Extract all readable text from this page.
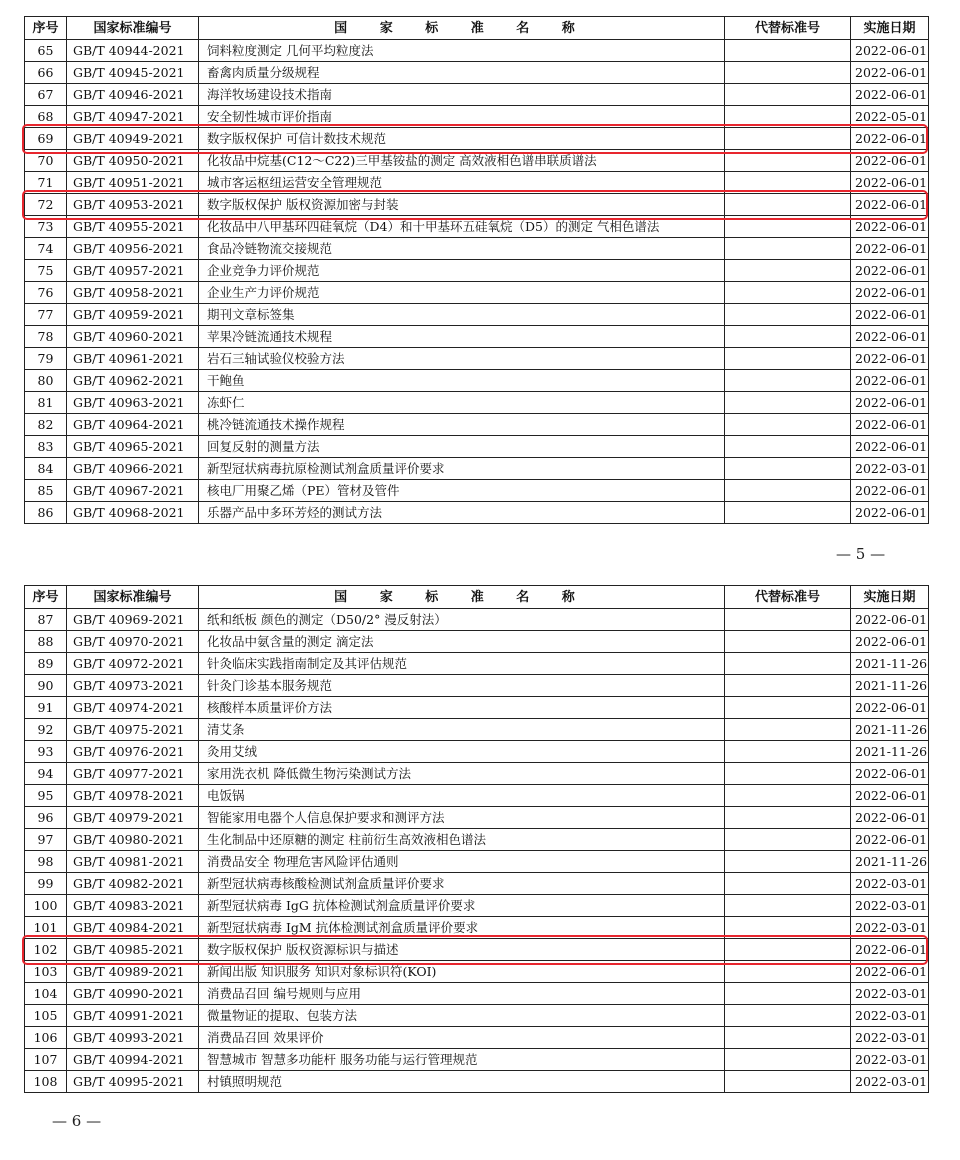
序号	国家标准编号	国 家 标 准 名 称	代替标准号	实施日期
65	GB/T 40944-2021	饲料粒度测定 几何平均粒度法		2022-06-01
66	GB/T 40945-2021	畜禽肉质量分级规程		2022-06-01
67	GB/T 40946-2021	海洋牧场建设技术指南		2022-06-01
68	GB/T 40947-2021	安全韧性城市评价指南		2022-05-01
69	GB/T 40949-2021	数字版权保护 可信计数技术规范		2022-06-01
70	GB/T 40950-2021	化妆品中烷基(C12～C22)三甲基铵盐的测定 高效液相色谱串联质谱法		2022-06-01
71	GB/T 40951-2021	城市客运枢纽运营安全管理规范		2022-06-01
72	GB/T 40953-2021	数字版权保护 版权资源加密与封装		2022-06-01
73	GB/T 40955-2021	化妆品中八甲基环四硅氧烷（D4）和十甲基环五硅氧烷（D5）的测定 气相色谱法		2022-06-01
74	GB/T 40956-2021	食品冷链物流交接规范		2022-06-01
75	GB/T 40957-2021	企业竞争力评价规范		2022-06-01
76	GB/T 40958-2021	企业生产力评价规范		2022-06-01
77	GB/T 40959-2021	期刊文章标签集		2022-06-01
78	GB/T 40960-2021	苹果冷链流通技术规程		2022-06-01
79	GB/T 40961-2021	岩石三轴试验仪校验方法		2022-06-01
80	GB/T 40962-2021	干鲍鱼		2022-06-01
81	GB/T 40963-2021	冻虾仁		2022-06-01
82	GB/T 40964-2021	桃冷链流通技术操作规程		2022-06-01
83	GB/T 40965-2021	回复反射的测量方法		2022-06-01
84	GB/T 40966-2021	新型冠状病毒抗原检测试剂盒质量评价要求		2022-03-01
85	GB/T 40967-2021	核电厂用聚乙烯（PE）管材及管件		2022-06-01
86	GB/T 40968-2021	乐器产品中多环芳烃的测试方法		2022-06-01
— 5 —
序号	国家标准编号	国 家 标 准 名 称	代替标准号	实施日期
87	GB/T 40969-2021	纸和纸板 颜色的测定（D50/2° 漫反射法）		2022-06-01
88	GB/T 40970-2021	化妆品中氨含量的测定 滴定法		2022-06-01
89	GB/T 40972-2021	针灸临床实践指南制定及其评估规范		2021-11-26
90	GB/T 40973-2021	针灸门诊基本服务规范		2021-11-26
91	GB/T 40974-2021	核酸样本质量评价方法		2022-06-01
92	GB/T 40975-2021	清艾条		2021-11-26
93	GB/T 40976-2021	灸用艾绒		2021-11-26
94	GB/T 40977-2021	家用洗衣机 降低微生物污染测试方法		2022-06-01
95	GB/T 40978-2021	电饭锅		2022-06-01
96	GB/T 40979-2021	智能家用电器个人信息保护要求和测评方法		2022-06-01
97	GB/T 40980-2021	生化制品中还原糖的测定 柱前衍生高效液相色谱法		2022-06-01
98	GB/T 40981-2021	消费品安全 物理危害风险评估通则		2021-11-26
99	GB/T 40982-2021	新型冠状病毒核酸检测试剂盒质量评价要求		2022-03-01
100	GB/T 40983-2021	新型冠状病毒 IgG 抗体检测试剂盒质量评价要求		2022-03-01
101	GB/T 40984-2021	新型冠状病毒 IgM 抗体检测试剂盒质量评价要求		2022-03-01
102	GB/T 40985-2021	数字版权保护 版权资源标识与描述		2022-06-01
103	GB/T 40989-2021	新闻出版 知识服务 知识对象标识符(KOI)		2022-06-01
104	GB/T 40990-2021	消费品召回 编号规则与应用		2022-03-01
105	GB/T 40991-2021	微量物证的提取、包装方法		2022-03-01
106	GB/T 40993-2021	消费品召回 效果评价		2022-03-01
107	GB/T 40994-2021	智慧城市 智慧多功能杆 服务功能与运行管理规范		2022-03-01
108	GB/T 40995-2021	村镇照明规范		2022-03-01
— 6 —
